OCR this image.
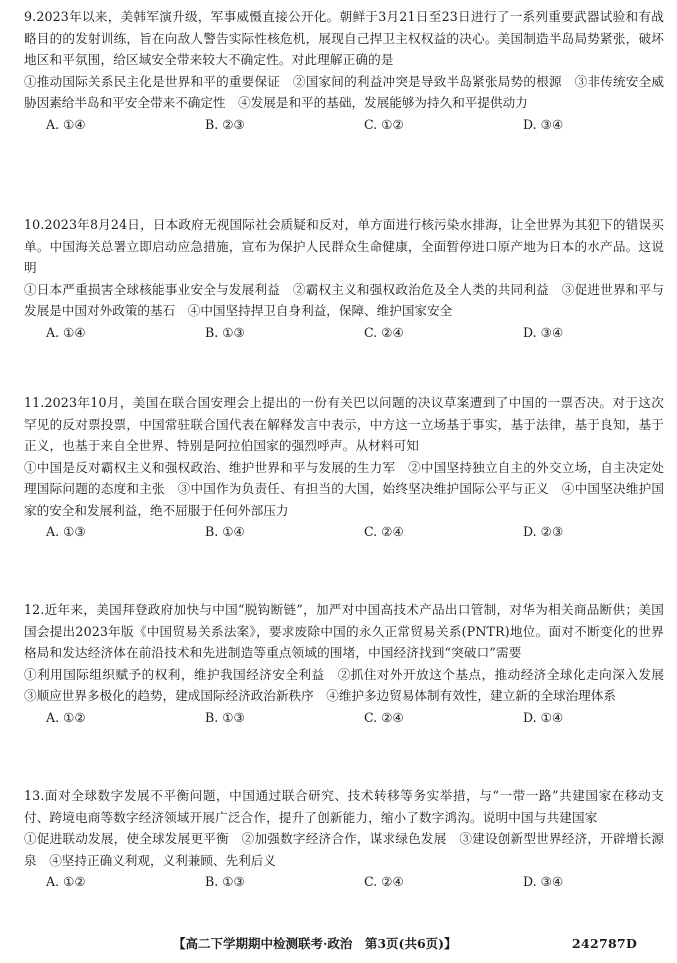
9.2023年以来，美韩军演升级，军事威慑直接公开化。朝鲜于3月21日至23日进行了一系列重要武器试验和有战略目的的发射训练，旨在向敌人警告实际性核危机，展现自己捍卫主权权益的决心。美国制造半岛局势紧张，破坏地区和平氛围，给区域安全带来较大不确定性。对此理解正确的是

①推动国际关系民主化是世界和平的重要保证　②国家间的利益冲突是导致半岛紧张局势的根源　③非传统安全威胁因素给半岛和平安全带来不确定性　④发展是和平的基础，发展能够为持久和平提供动力

A. ①④	B. ②③	C. ①②	D. ③④

10.2023年8月24日，日本政府无视国际社会质疑和反对，单方面进行核污染水排海，让全世界为其犯下的错误买单。中国海关总署立即启动应急措施，宣布为保护人民群众生命健康，全面暂停进口原产地为日本的水产品。这说明

①日本严重损害全球核能事业安全与发展利益　②霸权主义和强权政治危及全人类的共同利益　③促进世界和平与发展是中国对外政策的基石　④中国坚持捍卫自身利益，保障、维护国家安全

A. ①④	B. ①③	C. ②④	D. ③④

11.2023年10月，美国在联合国安理会上提出的一份有关巴以问题的决议草案遭到了中国的一票否决。对于这次罕见的反对票投票，中国常驻联合国代表在解释发言中表示，中方这一立场基于事实，基于法律，基于良知，基于正义，也基于来自全世界、特别是阿拉伯国家的强烈呼声。从材料可知

①中国是反对霸权主义和强权政治、维护世界和平与发展的生力军　②中国坚持独立自主的外交立场，自主决定处理国际问题的态度和主张　③中国作为负责任、有担当的大国，始终坚决维护国际公平与正义　④中国坚决维护国家的安全和发展利益，绝不屈服于任何外部压力

A. ①③	B. ①④	C. ②④	D. ②③

12.近年来，美国拜登政府加快与中国“脱钩断链”，加严对中国高技术产品出口管制，对华为相关商品断供；美国国会提出2023年版《中国贸易关系法案》，要求废除中国的永久正常贸易关系(PNTR)地位。面对不断变化的世界格局和发达经济体在前沿技术和先进制造等重点领域的围堵，中国经济找到“突破口”需要

①利用国际组织赋予的权利，维护我国经济安全利益　②抓住对外开放这个基点，推动经济全球化走向深入发展　③顺应世界多极化的趋势，建成国际经济政治新秩序　④维护多边贸易体制有效性，建立新的全球治理体系

A. ①②	B. ①③	C. ②④	D. ①④

13.面对全球数字发展不平衡问题，中国通过联合研究、技术转移等务实举措，与“一带一路”共建国家在移动支付、跨境电商等数字经济领域开展广泛合作，提升了创新能力，缩小了数字鸿沟。说明中国与共建国家

①促进联动发展，使全球发展更平衡　②加强数字经济合作，谋求绿色发展　③建设创新型世界经济，开辟增长源泉　④坚持正确义利观，义利兼顾、先利后义

A. ①②	B. ①③	C. ②④	D. ③④
【高二下学期期中检测联考·政治　第3页(共6页)】	242787D
